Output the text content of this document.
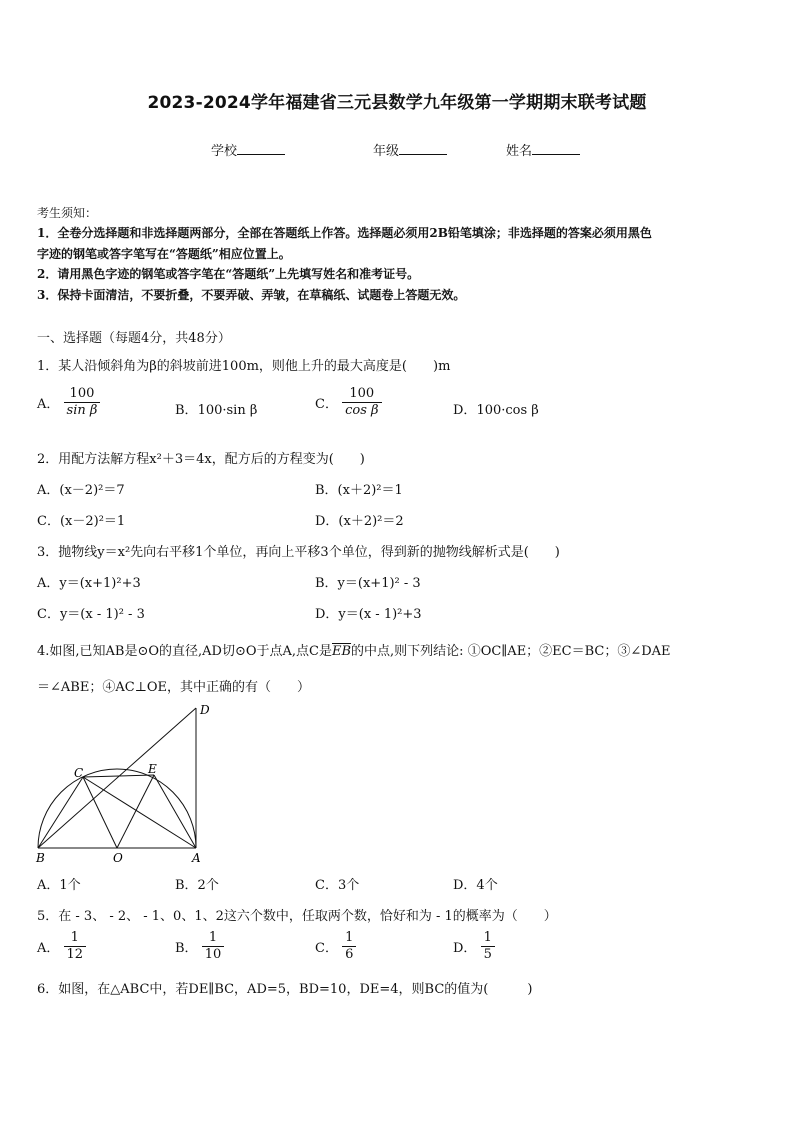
2023-2024学年福建省三元县数学九年级第一学期期末联考试题
学校	年级	姓名
考生须知：
1．全卷分选择题和非选择题两部分，全部在答题纸上作答。选择题必须用2B铅笔填涂；非选择题的答案必须用黑色
字迹的钢笔或答字笔写在“答题纸”相应位置上。
2．请用黑色字迹的钢笔或答字笔在“答题纸”上先填写姓名和准考证号。
3．保持卡面清洁，不要折叠，不要弄破、弄皱，在草稿纸、试题卷上答题无效。
一、选择题（每题4分，共48分）
1．某人沿倾斜角为β的斜坡前进100m，则他上升的最大高度是(　　)m
A． $\frac{100}{\text{sin β}}$	B．100·sin β	C． $\frac{100}{\text{cos β}}$	D．100·cos β
2．用配方法解方程x²＋3＝4x，配方后的方程变为(　　)
A．(x－2)²＝7	B．(x＋2)²＝1
C．(x－2)²＝1	D．(x＋2)²＝2
3．抛物线y＝x²先向右平移1个单位，再向上平移3个单位，得到新的抛物线解析式是(　　)
A．y＝(x+1)²+3	B．y＝(x+1)² - 3
C．y＝(x - 1)² - 3	D．y＝(x - 1)²+3
4.如图,已知AB是⊙O的直径,AD切⊙O于点A,点C是$\overline{EB}$的中点,则下列结论: ①OC∥AE；②EC＝BC；③∠DAE
＝∠ABE；④AC⊥OE，其中正确的有（　　）
B	O	A
C	E
D
A．1个	B．2个	C．3个	D．4个
5．在 - 3、 - 2、 - 1、0、1、2这六个数中，任取两个数，恰好和为 - 1的概率为（　　）
A． $\frac{1}{12}$	B． $\frac{1}{10}$	C． $\frac{1}{6}$	D． $\frac{1}{5}$
6．如图，在△ABC中，若DE∥BC，AD=5，BD=10，DE=4，则BC的值为(　　　)
